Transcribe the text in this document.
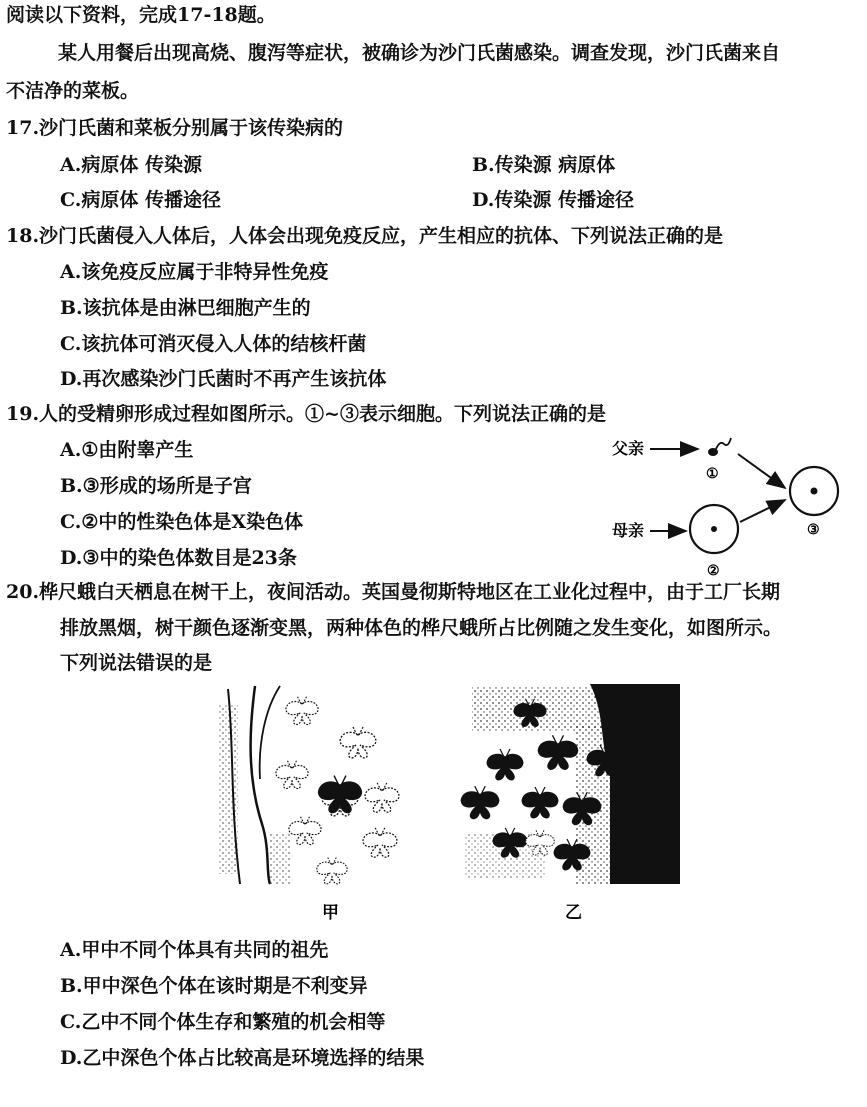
阅读以下资料，完成17-18题。
某人用餐后出现高烧、腹泻等症状，被确诊为沙门氏菌感染。调查发现，沙门氏菌来自
不洁净的菜板。
17.沙门氏菌和菜板分别属于该传染病的
A.病原体 传染源	B.传染源 病原体
C.病原体 传播途径	D.传染源 传播途径
18.沙门氏菌侵入人体后，人体会出现免疫反应，产生相应的抗体、下列说法正确的是
A.该免疫反应属于非特异性免疫
B.该抗体是由淋巴细胞产生的
C.该抗体可消灭侵入人体的结核杆菌
D.再次感染沙门氏菌时不再产生该抗体
19.人的受精卵形成过程如图所示。①~③表示细胞。下列说法正确的是
A.①由附睾产生
B.③形成的场所是子宫
C.②中的性染色体是X染色体
D.③中的染色体数目是23条
父亲
①
母亲
②
③
20.桦尺蛾白天栖息在树干上，夜间活动。英国曼彻斯特地区在工业化过程中，由于工厂长期
排放黑烟，树干颜色逐渐变黑，两种体色的桦尺蛾所占比例随之发生变化，如图所示。
下列说法错误的是
甲	乙
A.甲中不同个体具有共同的祖先
B.甲中深色个体在该时期是不利变异
C.乙中不同个体生存和繁殖的机会相等
D.乙中深色个体占比较高是环境选择的结果
